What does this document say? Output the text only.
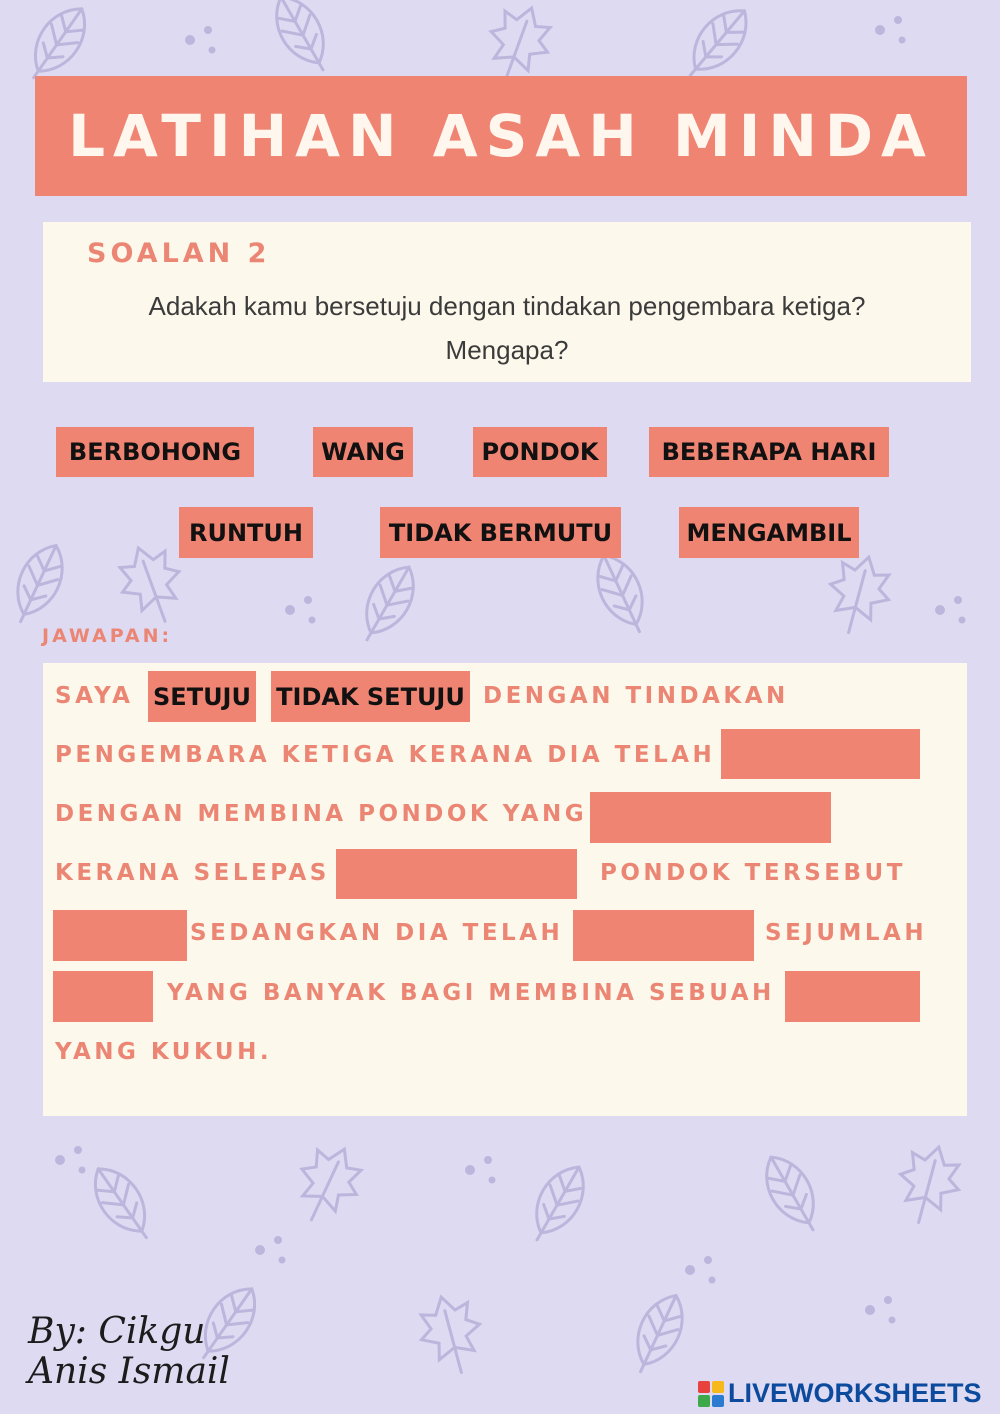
LATIHAN ASAH MINDA
SOALAN 2
Adakah kamu bersetuju dengan tindakan pengembara ketiga?
Mengapa?
BERBOHONG	WANG	PONDOK	BEBERAPA HARI
RUNTUH	TIDAK BERMUTU	MENGAMBIL
JAWAPAN:
SAYA SETUJU TIDAK SETUJU DENGAN TINDAKAN
PENGEMBARA KETIGA KERANA DIA TELAH
DENGAN MEMBINA PONDOK YANG
KERANA SELEPAS	PONDOK TERSEBUT
SEDANGKAN DIA TELAH	SEJUMLAH
YANG BANYAK BAGI MEMBINA SEBUAH
YANG KUKUH.
By: Cikgu
Anis Ismail
LIVEWORKSHEETS
